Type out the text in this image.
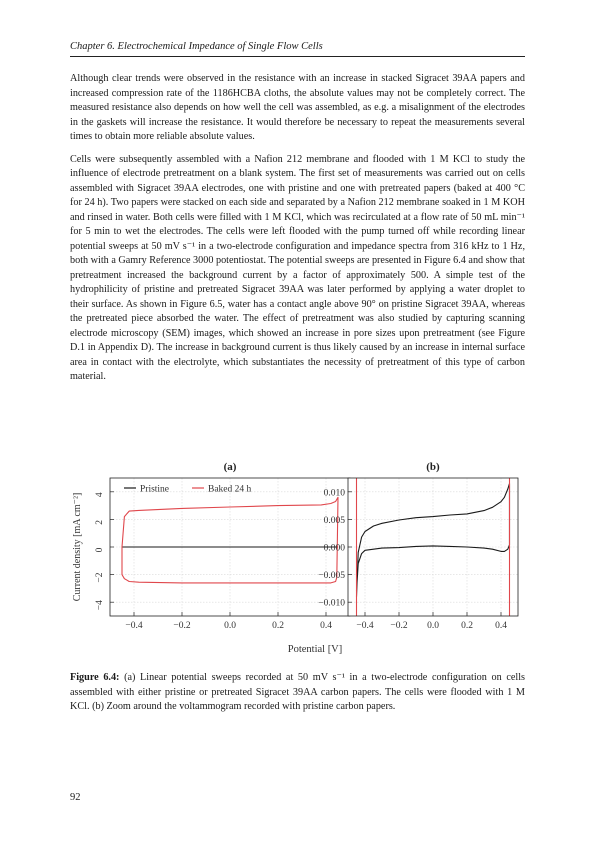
Chapter 6. Electrochemical Impedance of Single Flow Cells

Although clear trends were observed in the resistance with an increase in stacked Sigracet 39AA papers and increased compression rate of the 1186HCBA cloths, the absolute values may not be completely correct. The measured resistance also depends on how well the cell was assembled, as e.g. a misalignment of the electrodes in the gaskets will increase the resistance. It would therefore be necessary to repeat the measurements several times to obtain more reliable absolute values.

Cells were subsequently assembled with a Nafion 212 membrane and flooded with 1 M KCl to study the influence of electrode pretreatment on a blank system. The first set of measurements was carried out on cells assembled with Sigracet 39AA electrodes, one with pristine and one with pretreated papers (baked at 400 °C for 24 h). Two papers were stacked on each side and separated by a Nafion 212 membrane soaked in 1 M KOH and rinsed in water. Both cells were filled with 1 M KCl, which was recirculated at a flow rate of 50 mL min⁻¹ for 5 min to wet the electrodes. The cells were left flooded with the pump turned off while recording linear potential sweeps at 50 mV s⁻¹ in a two-electrode configuration and impedance spectra from 316 kHz to 1 Hz, both with a Gamry Reference 3000 potentiostat. The potential sweeps are presented in Figure 6.4 and show that pretreatment increased the background current by a factor of approximately 500. A simple test of the hydrophilicity of pristine and pretreated Sigracet 39AA was later performed by applying a water droplet to their surface. As shown in Figure 6.5, water has a contact angle above 90° on pristine Sigracet 39AA, whereas the pretreated piece absorbed the water. The effect of pretreatment was also studied by capturing scanning electrode microscopy (SEM) images, which showed an increase in pore sizes upon pretreatment (see Figure D.1 in Appendix D). The increase in background current is thus likely caused by an increase in internal surface area in contact with the electrolyte, which substantiates the necessity of pretreatment of this type of carbon material.

−0.4	−0.2	0.0	0.2	0.4
−4
−2
0
2
4
(a)
Current density [mA cm⁻²]
Pristine	Baked 24 h
−0.4 −0.2 0.0 0.2 0.4
0.010
0.005
0.000
−0.005
−0.010
(b)
Potential [V]
Figure 6.4: (a) Linear potential sweeps recorded at 50 mV s⁻¹ in a two-electrode configuration on cells assembled with either pristine or pretreated Sigracet 39AA carbon papers. The cells were flooded with 1 M KCl. (b) Zoom around the voltammogram recorded with pristine carbon papers.
92
